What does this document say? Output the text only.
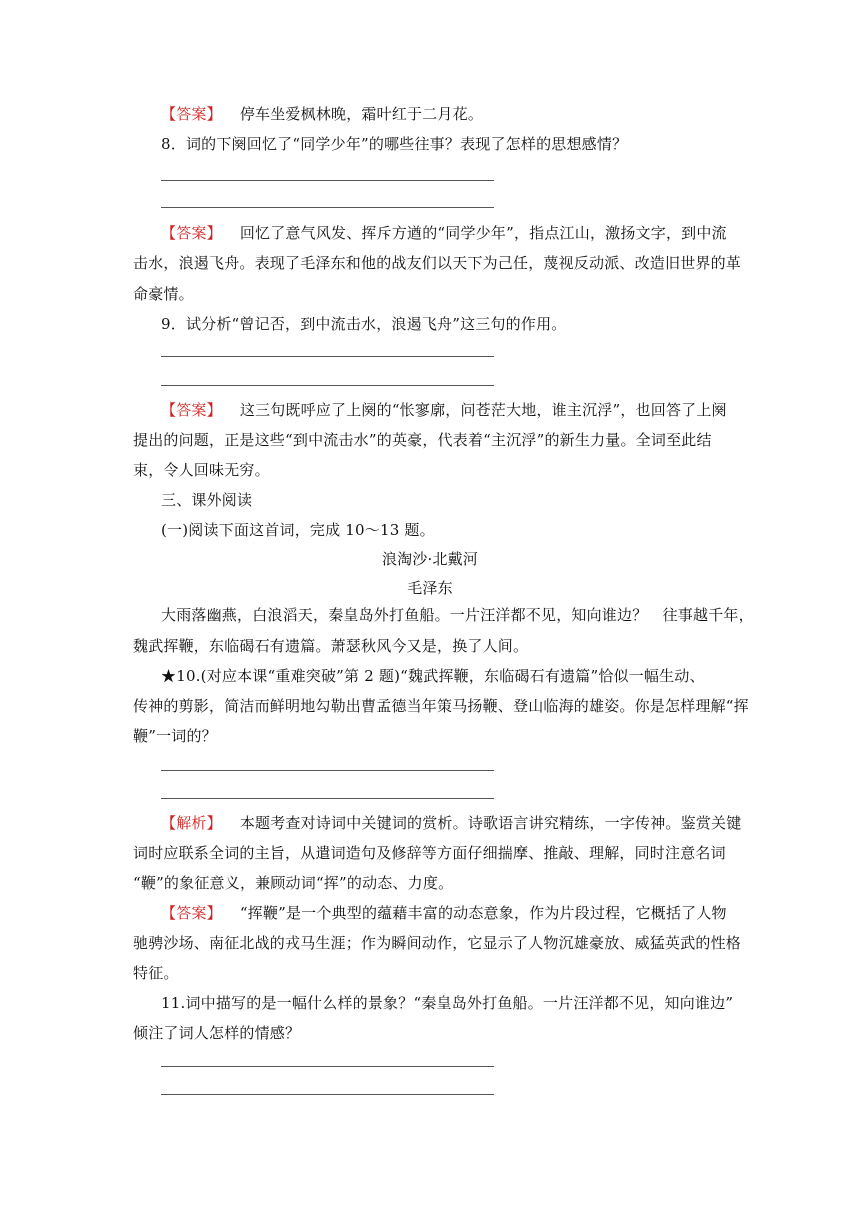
【答案】 停车坐爱枫林晚，霜叶红于二月花。
8．词的下阕回忆了“同学少年”的哪些往事？表现了怎样的思想感情？
【答案】 回忆了意气风发、挥斥方遒的“同学少年”，指点江山，激扬文字，到中流
击水，浪遏飞舟。表现了毛泽东和他的战友们以天下为己任，蔑视反动派、改造旧世界的革
命豪情。
9．试分析“曾记否，到中流击水，浪遏飞舟”这三句的作用。
【答案】 这三句既呼应了上阕的“怅寥廓，问苍茫大地，谁主沉浮”，也回答了上阕
提出的问题，正是这些“到中流击水”的英豪，代表着“主沉浮”的新生力量。全词至此结
束，令人回味无穷。
三、课外阅读
(一)阅读下面这首词，完成 10～13 题。
浪淘沙·北戴河
毛泽东
大雨落幽燕，白浪滔天，秦皇岛外打鱼船。一片汪洋都不见，知向谁边？　往事越千年，
魏武挥鞭，东临碣石有遗篇。萧瑟秋风今又是，换了人间。
★10.(对应本课“重难突破”第 2 题)“魏武挥鞭，东临碣石有遗篇”恰似一幅生动、
传神的剪影，简洁而鲜明地勾勒出曹孟德当年策马扬鞭、登山临海的雄姿。你是怎样理解“挥
鞭”一词的？
【解析】 本题考查对诗词中关键词的赏析。诗歌语言讲究精练，一字传神。鉴赏关键
词时应联系全词的主旨，从遣词造句及修辞等方面仔细揣摩、推敲、理解，同时注意名词
“鞭”的象征意义，兼顾动词“挥”的动态、力度。
【答案】 “挥鞭”是一个典型的蕴藉丰富的动态意象，作为片段过程，它概括了人物
驰骋沙场、南征北战的戎马生涯；作为瞬间动作，它显示了人物沉雄豪放、威猛英武的性格
特征。
11.词中描写的是一幅什么样的景象？“秦皇岛外打鱼船。一片汪洋都不见，知向谁边”
倾注了词人怎样的情感？
